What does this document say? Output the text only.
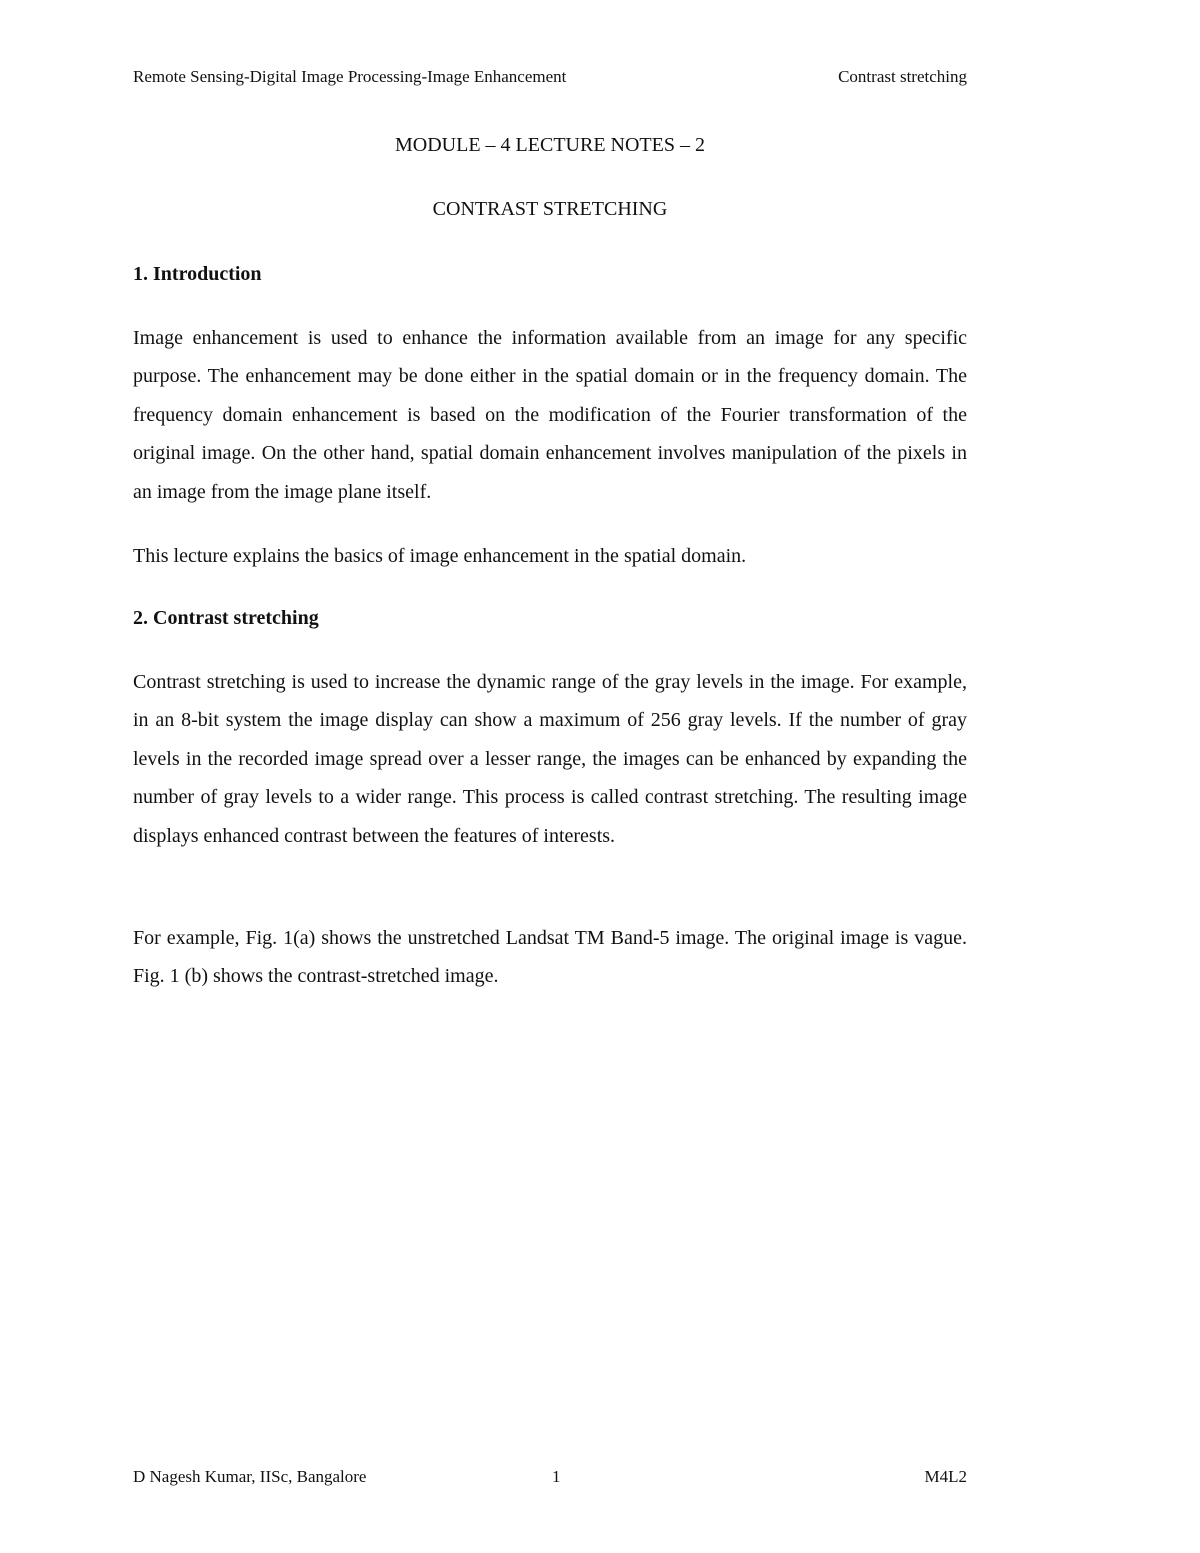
Remote Sensing-Digital Image Processing-Image Enhancement	Contrast stretching
MODULE – 4 LECTURE NOTES – 2
CONTRAST STRETCHING
1. Introduction

Image enhancement is used to enhance the information available from an image for any specific purpose. The enhancement may be done either in the spatial domain or in the frequency domain. The frequency domain enhancement is based on the modification of the Fourier transformation of the original image. On the other hand, spatial domain enhancement involves manipulation of the pixels in an image from the image plane itself.

This lecture explains the basics of image enhancement in the spatial domain.

2. Contrast stretching

Contrast stretching is used to increase the dynamic range of the gray levels in the image. For example, in an 8-bit system the image display can show a maximum of 256 gray levels. If the number of gray levels in the recorded image spread over a lesser range, the images can be enhanced by expanding the number of gray levels to a wider range. This process is called contrast stretching. The resulting image displays enhanced contrast between the features of interests.

For example, Fig. 1(a) shows the unstretched Landsat TM Band-5 image. The original image is vague. Fig. 1 (b) shows the contrast-stretched image.

D Nagesh Kumar, IISc, Bangalore	1	M4L2
